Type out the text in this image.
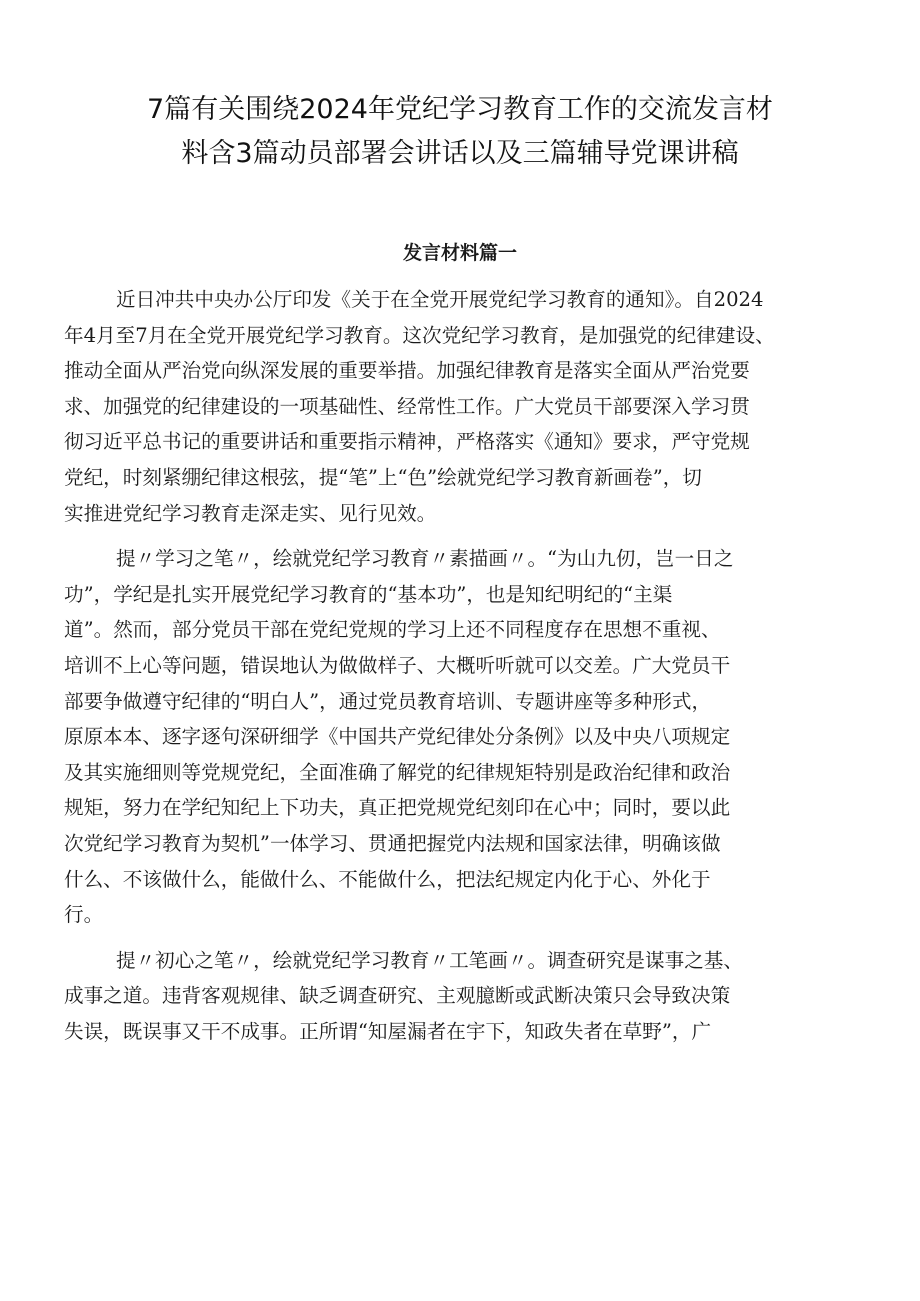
7篇有关围绕2024年党纪学习教育工作的交流发言材
料含3篇动员部署会讲话以及三篇辅导党课讲稿
发言材料篇一

近日冲共中央办公厅印发《关于在全党开展党纪学习教育的通知》。自2024
年4月至7月在全党开展党纪学习教育。这次党纪学习教育，是加强党的纪律建设、
推动全面从严治党向纵深发展的重要举措。加强纪律教育是落实全面从严治党要
求、加强党的纪律建设的一项基础性、经常性工作。广大党员干部要深入学习贯
彻习近平总书记的重要讲话和重要指示精神，严格落实《通知》要求，严守党规
党纪，时刻紧绷纪律这根弦，提“笔”上“色”绘就党纪学习教育新画卷”，切
实推进党纪学习教育走深走实、见行见效。

提〃学习之笔〃，绘就党纪学习教育〃素描画〃。“为山九仞，岂一日之
功”，学纪是扎实开展党纪学习教育的“基本功”，也是知纪明纪的“主渠
道”。然而，部分党员干部在党纪党规的学习上还不同程度存在思想不重视、
培训不上心等问题，错误地认为做做样子、大概听听就可以交差。广大党员干
部要争做遵守纪律的“明白人”，通过党员教育培训、专题讲座等多种形式，
原原本本、逐字逐句深研细学《中国共产党纪律处分条例》以及中央八项规定
及其实施细则等党规党纪，全面准确了解党的纪律规矩特别是政治纪律和政治
规矩，努力在学纪知纪上下功夫，真正把党规党纪刻印在心中；同时，要以此
次党纪学习教育为契机”一体学习、贯通把握党内法规和国家法律，明确该做
什么、不该做什么，能做什么、不能做什么，把法纪规定内化于心、外化于
行。

提〃初心之笔〃，绘就党纪学习教育〃工笔画〃。调查研究是谋事之基、
成事之道。违背客观规律、缺乏调查研究、主观臆断或武断决策只会导致决策
失误，既误事又干不成事。正所谓“知屋漏者在宇下，知政失者在草野”，广
